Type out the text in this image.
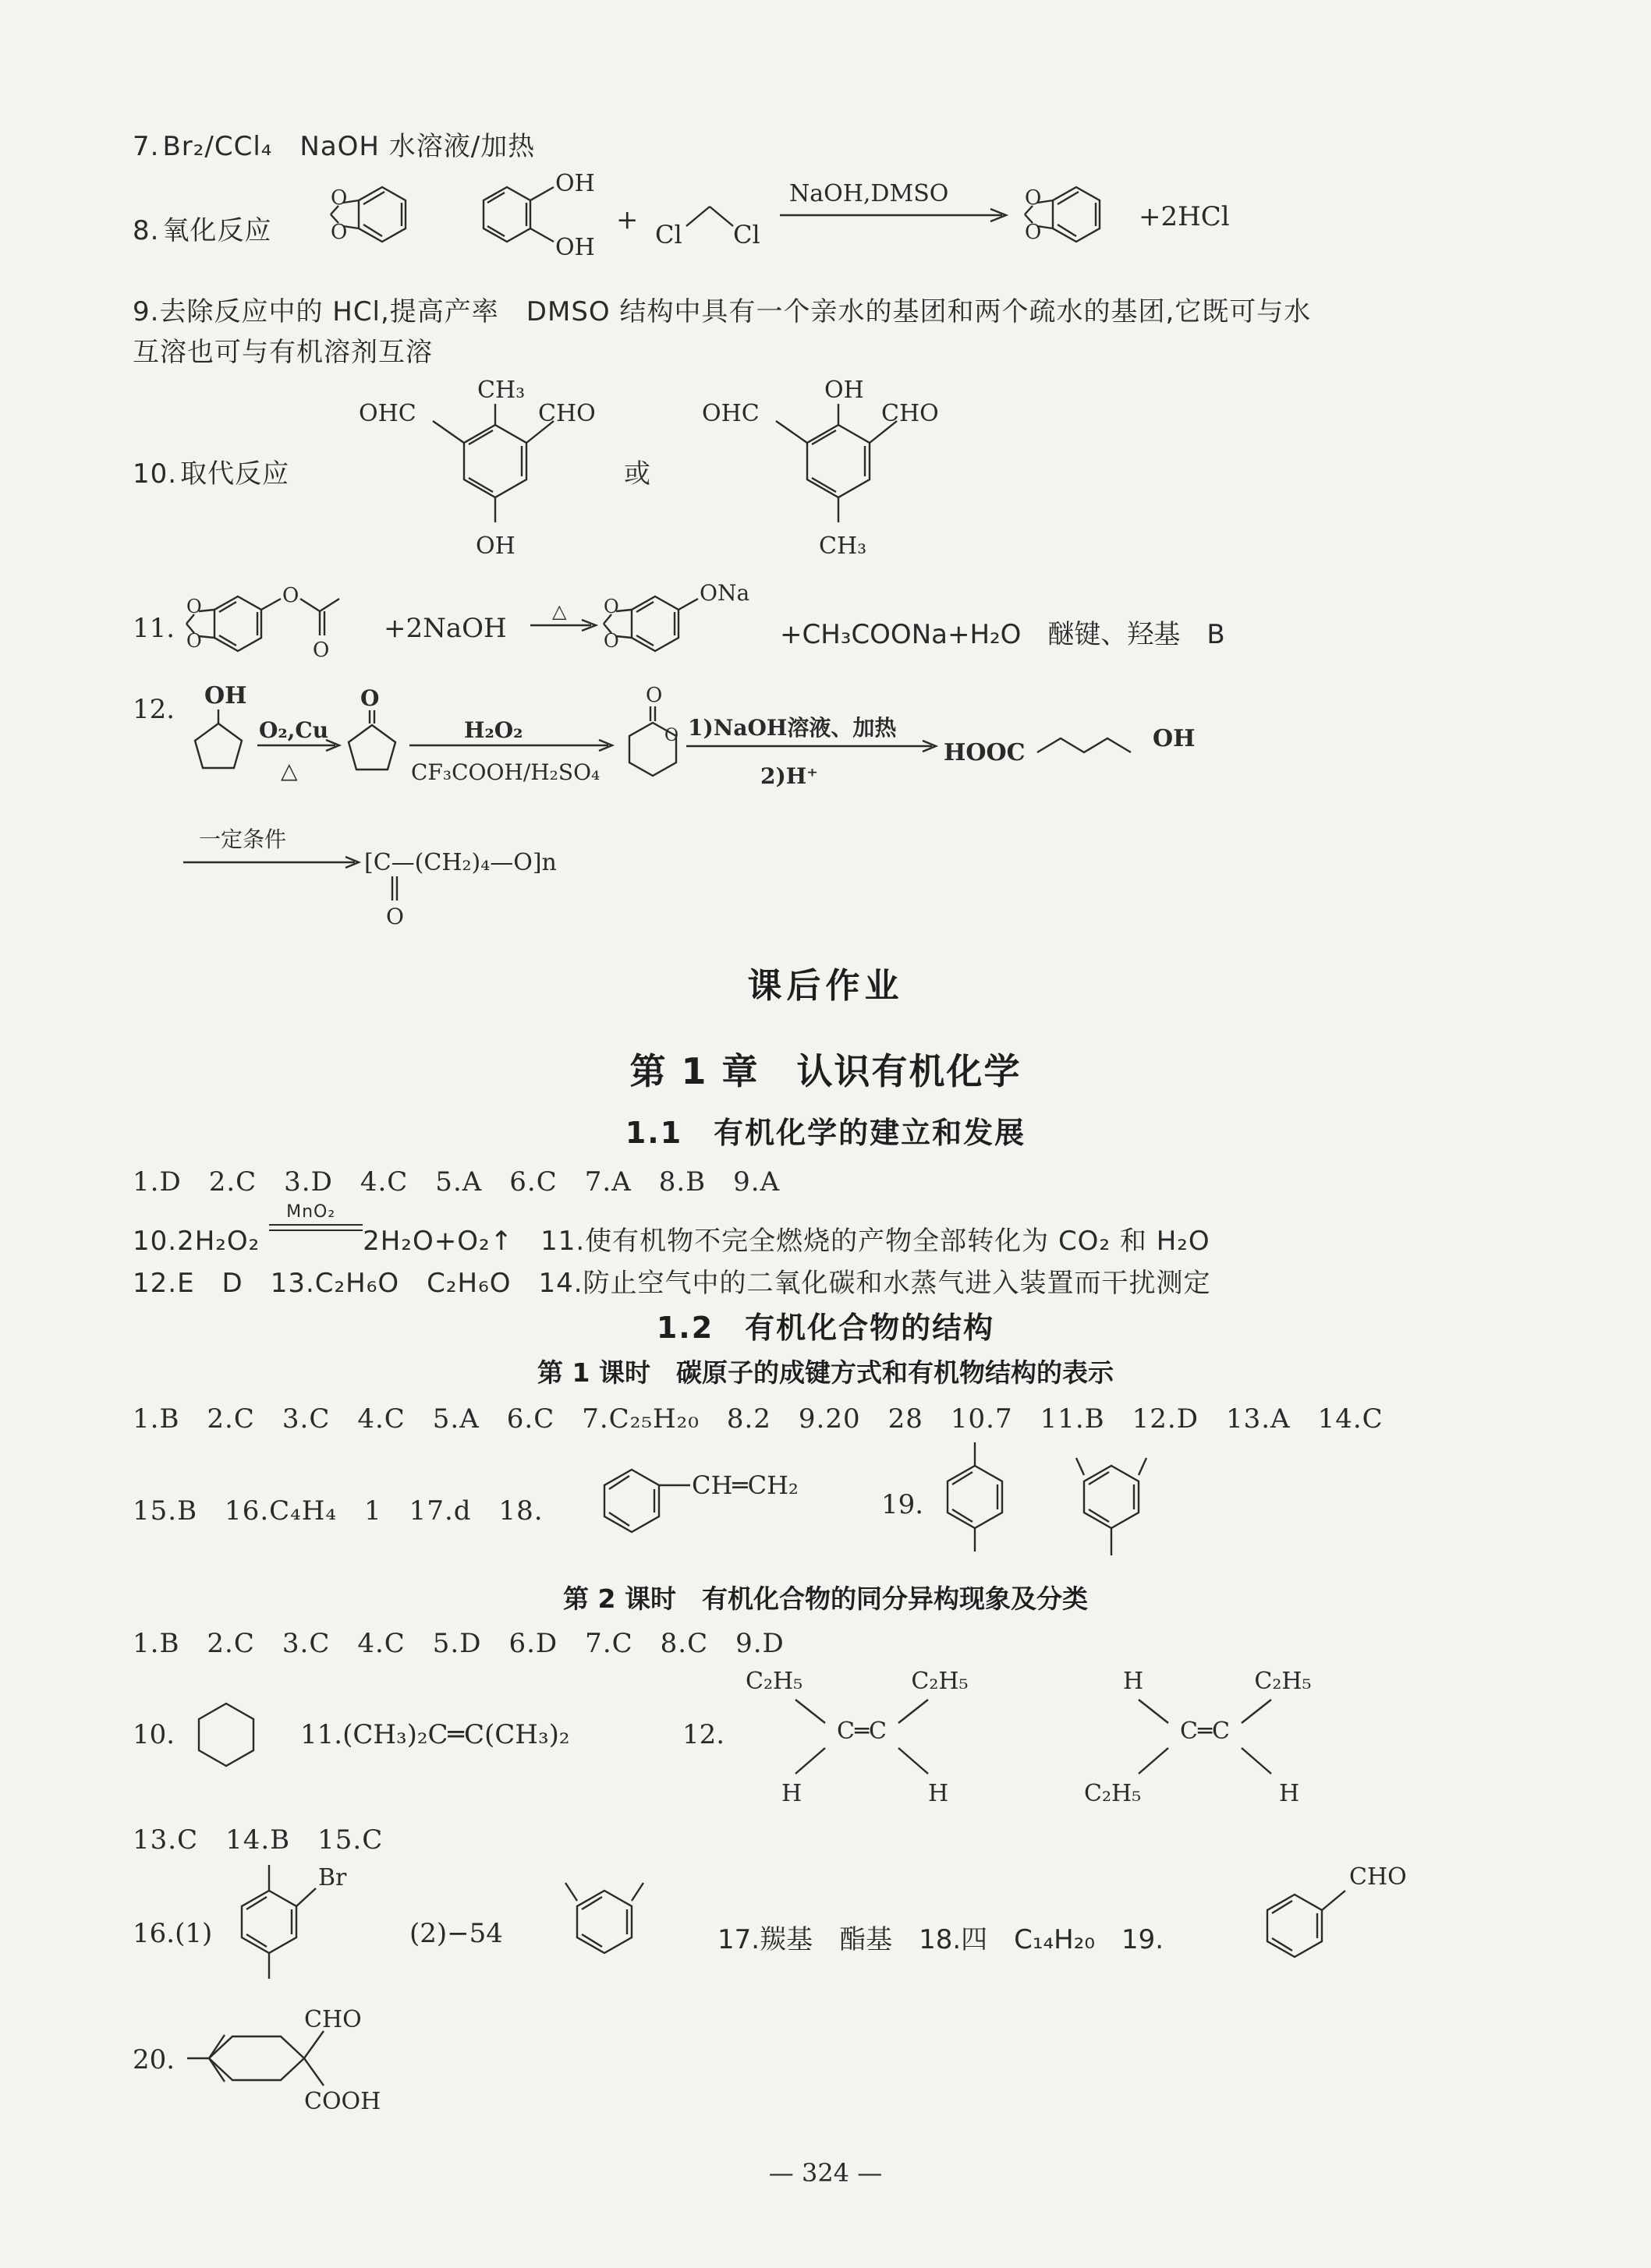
7. Br₂/CCl₄　NaOH 水溶液/加热
8. 氧化反应
O
O
OH
OH
+ Cl Cl
NaOH,DMSO	O
O	+2HCl
9.去除反应中的 HCl,提高产率　DMSO 结构中具有一个亲水的基团和两个疏水的基团,它既可与水
互溶也可与有机溶剂互溶
10. 取代反应
CH₃
OHC	CHO
OH
或
OH
OHC	CHO
CH₃
11.
O
O
O
O
+2NaOH
△ O
O
ONa
+CH₃COONa+H₂O　醚键、羟基　B
12. OH
O₂,Cu
△
O
H₂O₂
CF₃COOH/H₂SO₄
O
O 1)NaOH溶液、加热
2)H⁺
HOOC
OH
一定条件
[C—(CH₂)₄—O]n
O
课后作业
第 1 章　认识有机化学
1.1　有机化学的建立和发展
1.D　2.C　3.D　4.C　5.A　6.C　7.A　8.B　9.A
10.2H₂O₂
MnO₂
2H₂O+O₂↑　11.使有机物不完全燃烧的产物全部转化为 CO₂ 和 H₂O
12.E　D　13.C₂H₆O　C₂H₆O　14.防止空气中的二氧化碳和水蒸气进入装置而干扰测定
1.2　有机化合物的结构
第 1 课时　碳原子的成键方式和有机物结构的表示
1.B　2.C　3.C　4.C　5.A　6.C　7.C₂₅H₂₀　8.2　9.20　28　10.7　11.B　12.D　13.A　14.C
15.B　16.C₄H₄　1　17.d　18.
CH═CH₂
19.
第 2 课时　有机化合物的同分异构现象及分类
1.B　2.C　3.C　4.C　5.D　6.D　7.C　8.C　9.D
10.	11.(CH₃)₂C═C(CH₃)₂	12.
C₂H₅	C₂H₅
C═C
H	H
H	C₂H₅
C═C
C₂H₅	H
13.C　14.B　15.C
16.(1)
Br
(2)−54	17.羰基　酯基　18.四　C₁₄H₂₀　19.
CHO
20.
CHO
COOH
— 324 —
